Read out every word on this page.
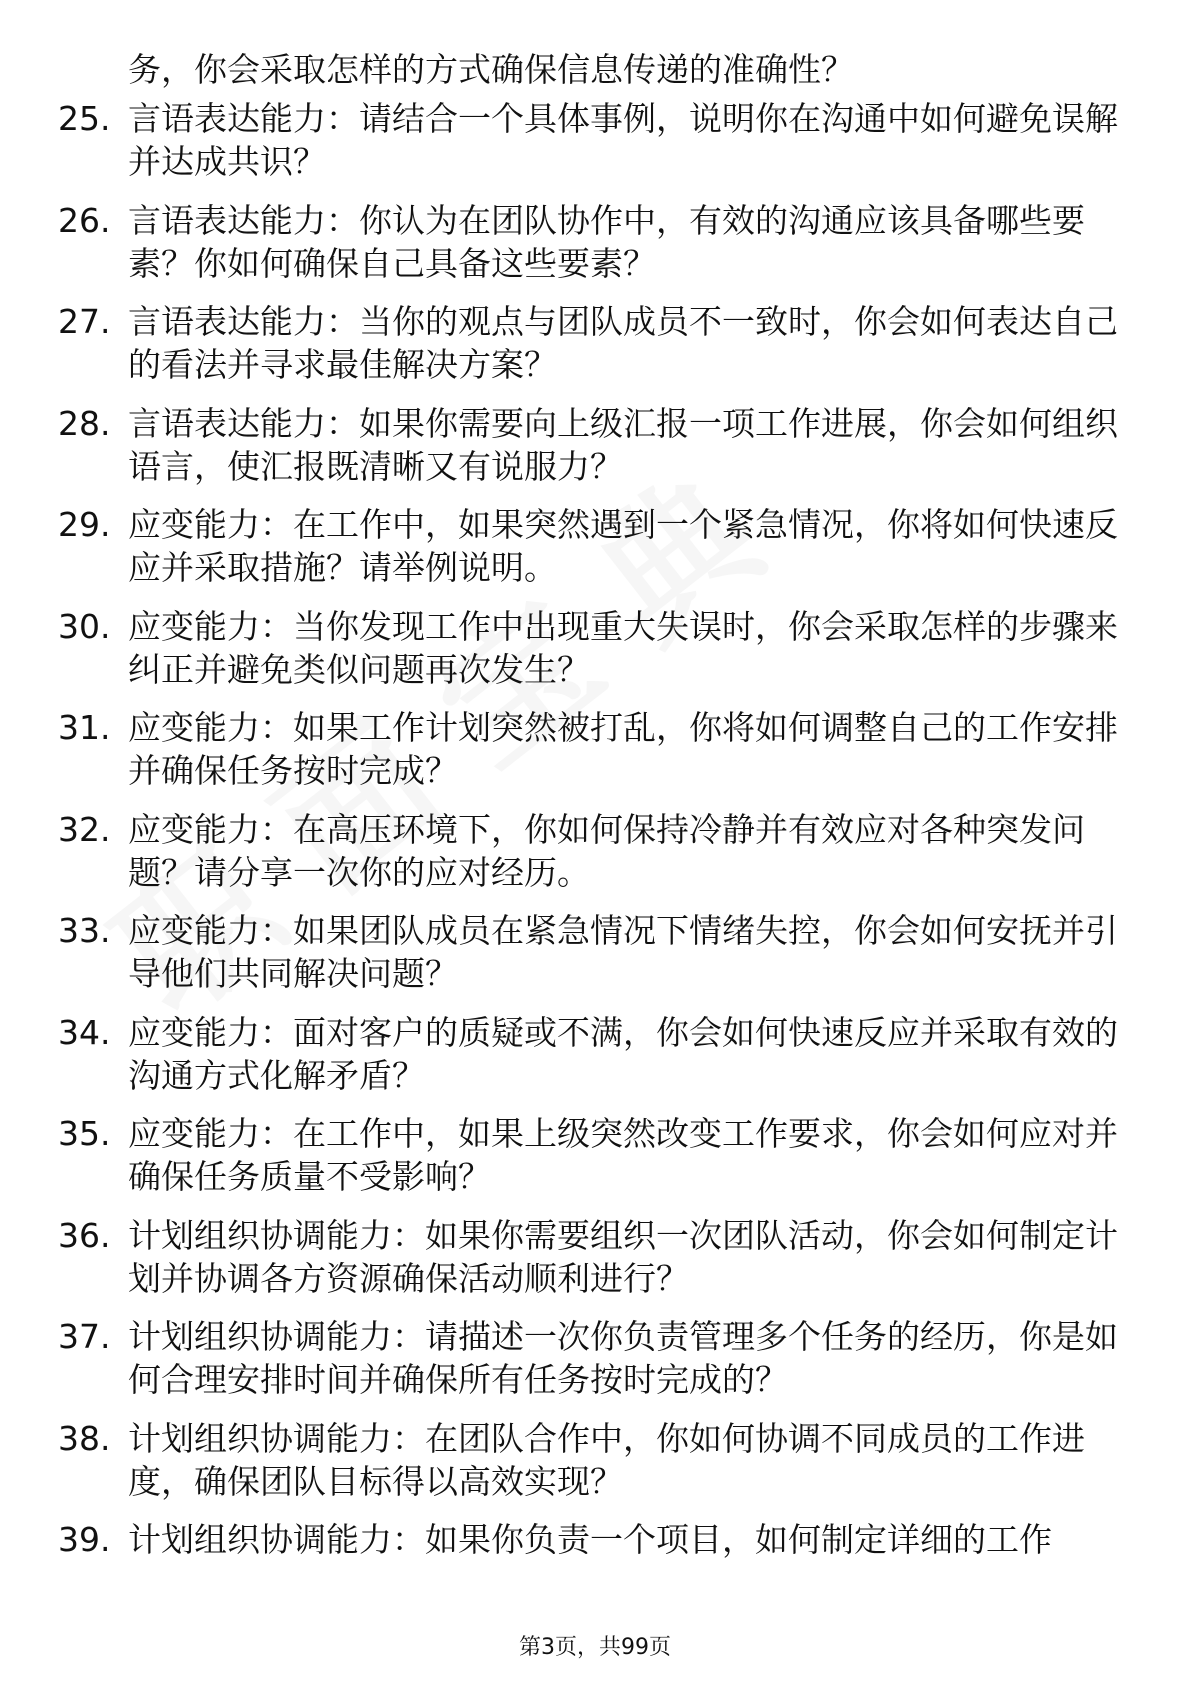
务，你会采取怎样的方式确保信息传递的准确性？
25. 言语表达能力：请结合一个具体事例，说明你在沟通中如何避免误解并达成共识？
26. 言语表达能力：你认为在团队协作中，有效的沟通应该具备哪些要素？你如何确保自己具备这些要素？
27. 言语表达能力：当你的观点与团队成员不一致时，你会如何表达自己的看法并寻求最佳解决方案？
28. 言语表达能力：如果你需要向上级汇报一项工作进展，你会如何组织语言，使汇报既清晰又有说服力？
29. 应变能力：在工作中，如果突然遇到一个紧急情况，你将如何快速反应并采取措施？请举例说明。
30. 应变能力：当你发现工作中出现重大失误时，你会采取怎样的步骤来纠正并避免类似问题再次发生？
31. 应变能力：如果工作计划突然被打乱，你将如何调整自己的工作安排并确保任务按时完成？
32. 应变能力：在高压环境下，你如何保持冷静并有效应对各种突发问题？请分享一次你的应对经历。
33. 应变能力：如果团队成员在紧急情况下情绪失控，你会如何安抚并引导他们共同解决问题？
34. 应变能力：面对客户的质疑或不满，你会如何快速反应并采取有效的沟通方式化解矛盾？
35. 应变能力：在工作中，如果上级突然改变工作要求，你会如何应对并确保任务质量不受影响？
36. 计划组织协调能力：如果你需要组织一次团队活动，你会如何制定计划并协调各方资源确保活动顺利进行？
37. 计划组织协调能力：请描述一次你负责管理多个任务的经历，你是如何合理安排时间并确保所有任务按时完成的？
38. 计划组织协调能力：在团队合作中，你如何协调不同成员的工作进度，确保团队目标得以高效实现？
39. 计划组织协调能力：如果你负责一个项目，如何制定详细的工作
第3页，共99页
